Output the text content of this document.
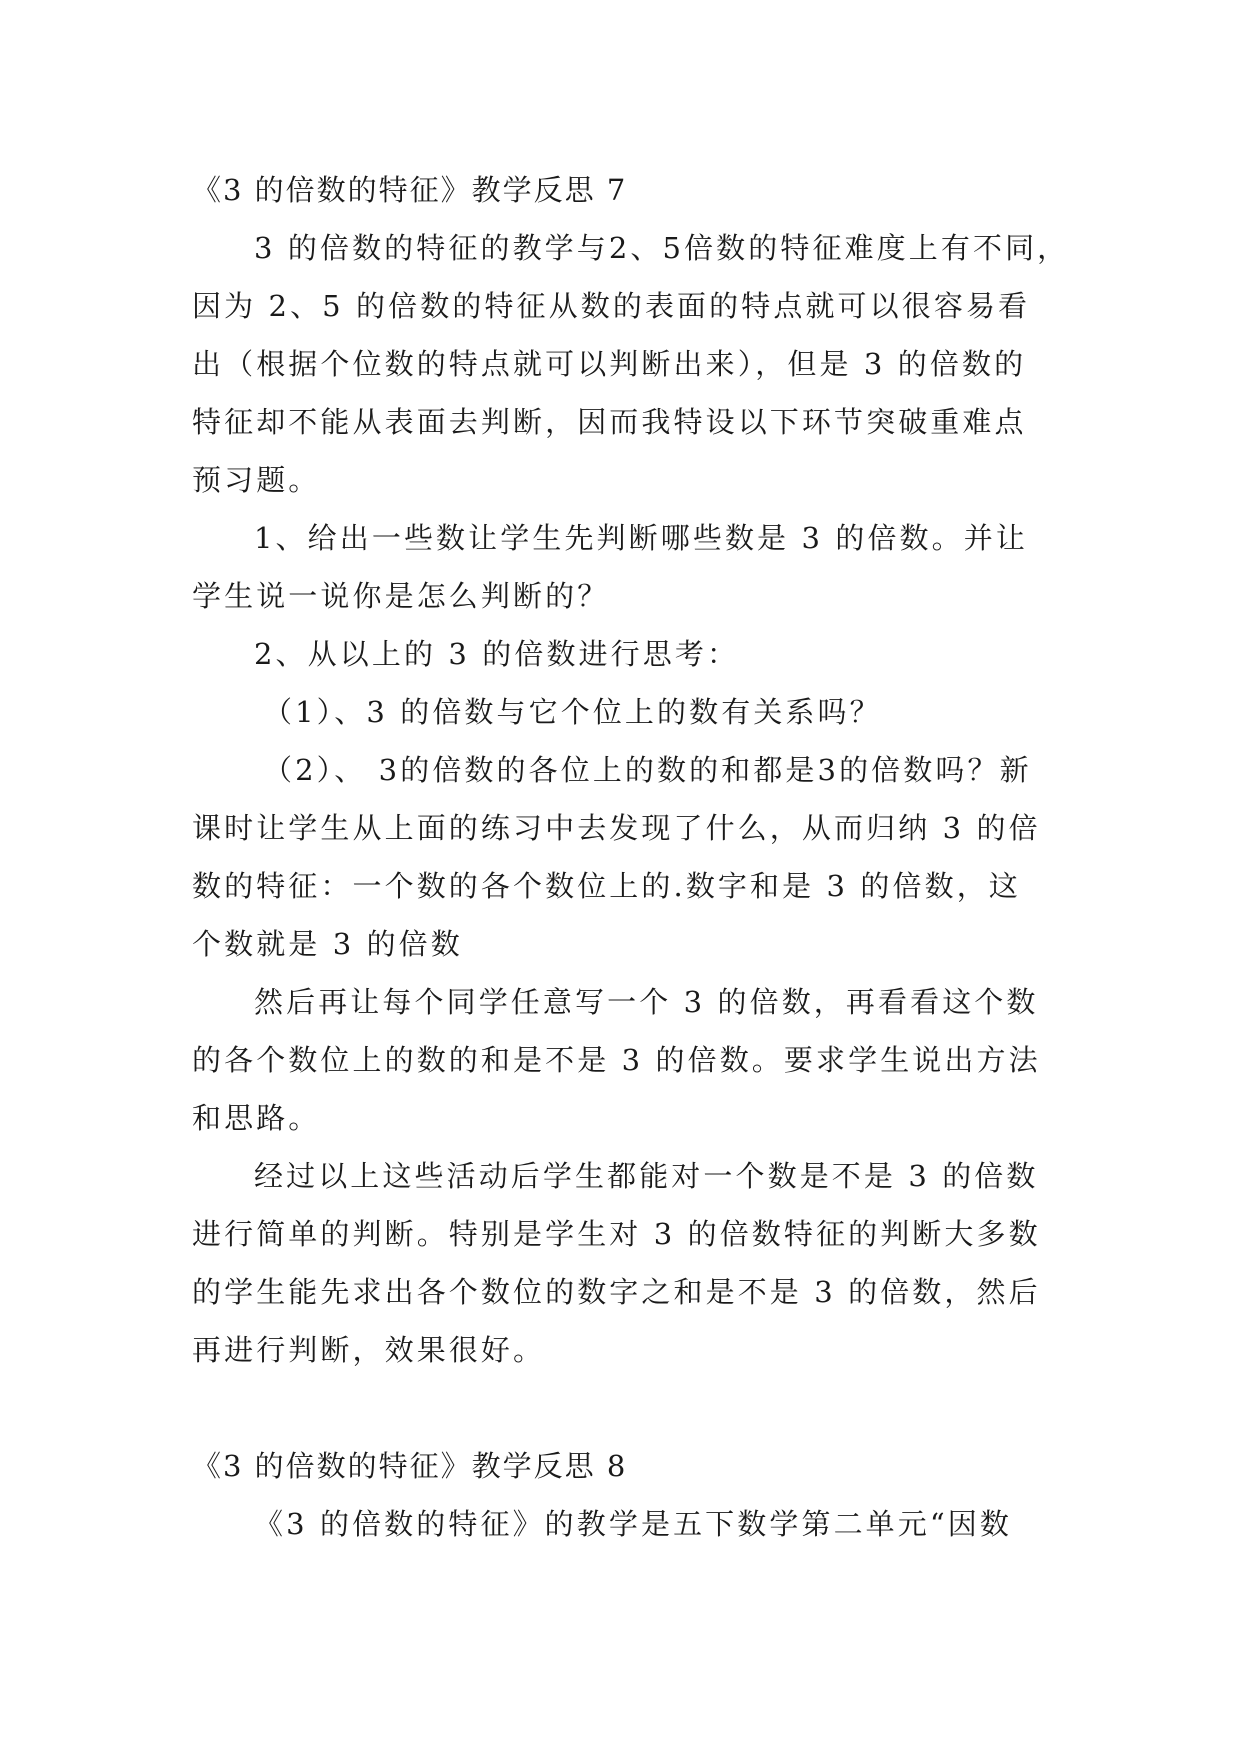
《3 的倍数的特征》教学反思 7
3 的倍数的特征的教学与2、5倍数的特征难度上有不同，
因为 2、5 的倍数的特征从数的表面的特点就可以很容易看
出（根据个位数的特点就可以判断出来），但是 3 的倍数的
特征却不能从表面去判断，因而我特设以下环节突破重难点
预习题。
1、给出一些数让学生先判断哪些数是 3 的倍数。并让
学生说一说你是怎么判断的？
2、从以上的 3 的倍数进行思考：
（1）、3 的倍数与它个位上的数有关系吗？
（2）、 3的倍数的各位上的数的和都是3的倍数吗？新
课时让学生从上面的练习中去发现了什么，从而归纳 3 的倍
数的特征：一个数的各个数位上的.数字和是 3 的倍数，这
个数就是 3 的倍数
然后再让每个同学任意写一个 3 的倍数，再看看这个数
的各个数位上的数的和是不是 3 的倍数。要求学生说出方法
和思路。
经过以上这些活动后学生都能对一个数是不是 3 的倍数
进行简单的判断。特别是学生对 3 的倍数特征的判断大多数
的学生能先求出各个数位的数字之和是不是 3 的倍数，然后
再进行判断，效果很好。
《3 的倍数的特征》教学反思 8
《3 的倍数的特征》的教学是五下数学第二单元“因数
